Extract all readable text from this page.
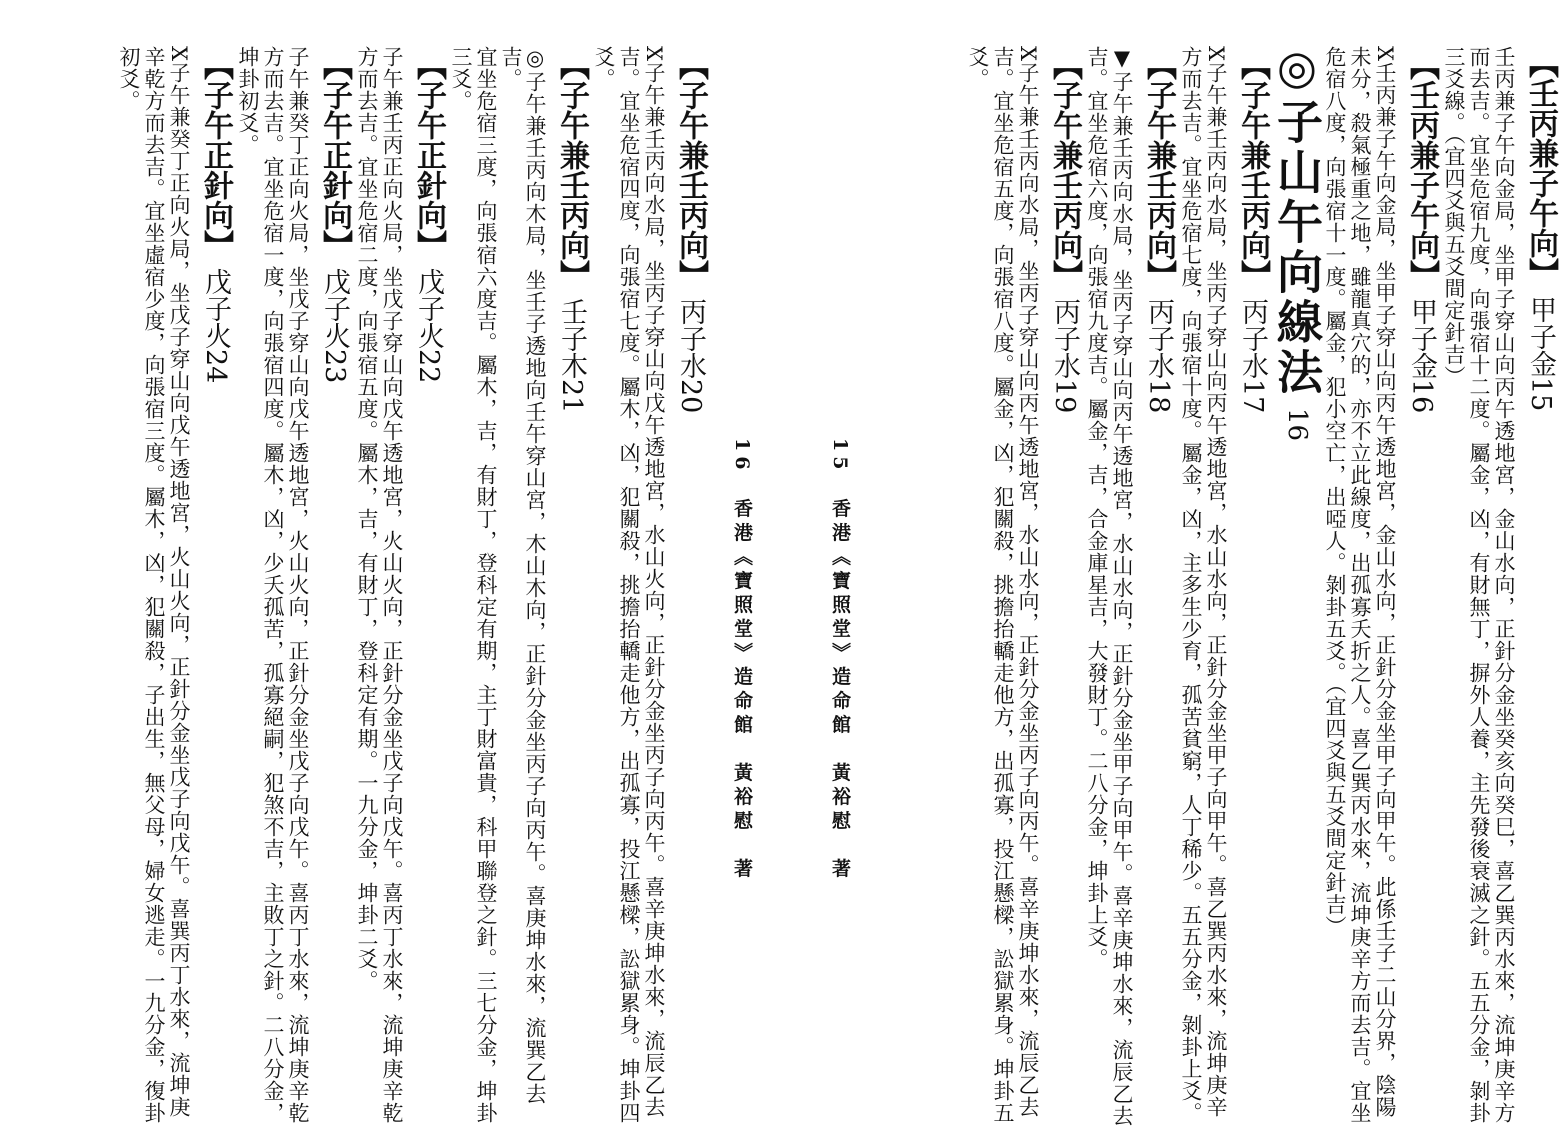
【壬丙兼子午向】甲子金15
壬丙兼子午向金局，坐甲子穿山向丙午透地宮，金山水向，正針分金坐癸亥向癸巳，喜乙巽丙水來，流坤庚辛方
而去吉。宜坐危宿九度，向張宿十二度。屬金，凶，有財無丁，摒外人養，主先發後衰滅之針。五五分金，剝卦
三爻線。（宜四爻與五爻間定針吉）
【壬丙兼子午向】甲子金16
X壬丙兼子午向金局，坐甲子穿山向丙午透地宮，金山水向，正針分金坐甲子向甲午。此係壬子二山分界，陰陽
未分，殺氣極重之地，雖龍真穴的，亦不立此線度，出孤寡夭折之人。喜乙巽丙水來，流坤庚辛方而去吉。宜坐
危宿八度，向張宿十一度。屬金，犯小空亡，出啞人。剝卦五爻。（宜四爻與五爻間定針吉）
◎子山午向線法16
【子午兼壬丙向】丙子水17
X子午兼壬丙向水局，坐丙子穿山向丙午透地宮，水山水向，正針分金坐甲子向甲午。喜乙巽丙水來，流坤庚辛
方而去吉。宜坐危宿七度，向張宿十度。屬金，凶，主多生少育，孤苦貧窮，人丁稀少。五五分金，剝卦上爻。
【子午兼壬丙向】丙子水18
▼子午兼壬丙向水局，坐丙子穿山向丙午透地宮，水山水向，正針分金坐甲子向甲午。喜辛庚坤水來，流辰乙去
吉。宜坐危宿六度，向張宿九度吉。屬金，吉，合金庫星吉，大發財丁。二八分金，坤卦上爻。
【子午兼壬丙向】丙子水19
X子午兼壬丙向水局，坐丙子穿山向丙午透地宮，水山水向，正針分金坐丙子向丙午。喜辛庚坤水來，流辰乙去
吉。宜坐危宿五度，向張宿八度。屬金，凶，犯關殺，挑擔抬轎走他方，出孤寡，投江懸樑，訟獄累身。坤卦五
爻。
15　香港《寶照堂》造命館　黃裕慰　著
16　香港《寶照堂》造命館　黃裕慰　著
【子午兼壬丙向】丙子水20
X子午兼壬丙向水局，坐丙子穿山向戊午透地宮，水山火向，正針分金坐丙子向丙午。喜辛庚坤水來，流辰乙去
吉。宜坐危宿四度，向張宿七度。屬木，凶，犯關殺，挑擔抬轎走他方，出孤寡，投江懸樑，訟獄累身。坤卦四
爻。
【子午兼壬丙向】壬子木21
◎子午兼壬丙向木局，坐壬子透地向壬午穿山宮，木山木向，正針分金坐丙子向丙午。喜庚坤水來，流巽乙去吉。
宜坐危宿三度，向張宿六度吉。屬木，吉，有財丁，登科定有期，主丁財富貴，科甲聯登之針。三七分金，坤卦
三爻。
【子午正針向】戊子火22
子午兼壬丙正向火局，坐戊子穿山向戊午透地宮，火山火向，正針分金坐戊子向戊午。喜丙丁水來，流坤庚辛乾
方而去吉。宜坐危宿二度，向張宿五度。屬木，吉，有財丁，登科定有期。一九分金，坤卦二爻。
【子午正針向】戊子火23
子午兼癸丁正向火局，坐戊子穿山向戊午透地宮，火山火向，正針分金坐戊子向戊午。喜丙丁水來，流坤庚辛乾
方而去吉。宜坐危宿一度，向張宿四度。屬木，凶，少夭孤苦，孤寡絕嗣，犯煞不吉，主敗丁之針。二八分金，
坤卦初爻。
【子午正針向】戊子火24
X子午兼癸丁正向火局，坐戊子穿山向戊午透地宮，火山火向，正針分金坐戊子向戊午。喜巽丙丁水來，流坤庚
辛乾方而去吉。宜坐虛宿少度，向張宿三度。屬木，凶，犯關殺，子出生，無父母，婦女逃走。一九分金，復卦
初爻。
